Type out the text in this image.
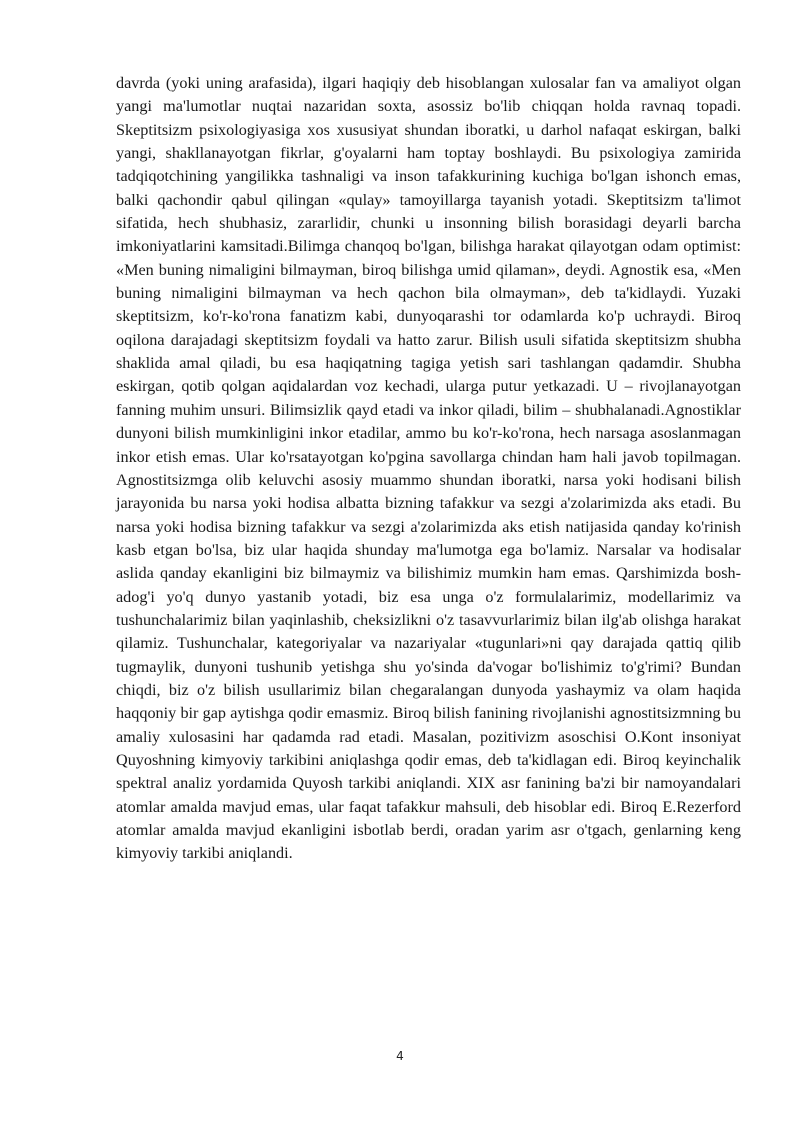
davrda (yoki uning arafasida), ilgari haqiqiy deb hisoblangan xulosalar fan va amaliyot olgan yangi ma'lumotlar nuqtai nazaridan soxta, asossiz bo'lib chiqqan holda ravnaq topadi. Skeptitsizm psixologiyasiga xos xususiyat shundan iboratki, u darhol nafaqat eskirgan, balki yangi, shakllanayotgan fikrlar, g'oyalarni ham toptay boshlaydi. Bu psixologiya zamirida tadqiqotchining yangilikka tashnaligi va inson tafakkurining kuchiga bo'lgan ishonch emas, balki qachondir qabul qilingan «qulay» tamoyillarga tayanish yotadi. Skeptitsizm ta'limot sifatida, hech shubhasiz, zararlidir, chunki u insonning bilish borasidagi deyarli barcha imkoniyatlarini kamsitadi.Bilimga chanqoq bo'lgan, bilishga harakat qilayotgan odam optimist: «Men buning nimaligini bilmayman, biroq bilishga umid qilaman», deydi. Agnostik esa, «Men buning nimaligini bilmayman va hech qachon bila olmayman», deb ta'kidlaydi. Yuzaki skeptitsizm, ko'r-ko'rona fanatizm kabi, dunyoqarashi tor odamlarda ko'p uchraydi. Biroq oqilona darajadagi skeptitsizm foydali va hatto zarur. Bilish usuli sifatida skeptitsizm shubha shaklida amal qiladi, bu esa haqiqatning tagiga yetish sari tashlangan qadamdir. Shubha eskirgan, qotib qolgan aqidalardan voz kechadi, ularga putur yetkazadi. U – rivojlanayotgan fanning muhim unsuri. Bilimsizlik qayd etadi va inkor qiladi, bilim – shubhalanadi.Agnostiklar dunyoni bilish mumkinligini inkor etadilar, ammo bu ko'r-ko'rona, hech narsaga asoslanmagan inkor etish emas. Ular ko'rsatayotgan ko'pgina savollarga chindan ham hali javob topilmagan. Agnostitsizmga olib keluvchi asosiy muammo shundan iboratki, narsa yoki hodisani bilish jarayonida bu narsa yoki hodisa albatta bizning tafakkur va sezgi a'zolarimizda aks etadi. Bu narsa yoki hodisa bizning tafakkur va sezgi a'zolarimizda aks etish natijasida qanday ko'rinish kasb etgan bo'lsa, biz ular haqida shunday ma'lumotga ega bo'lamiz. Narsalar va hodisalar aslida qanday ekanligini biz bilmaymiz va bilishimiz mumkin ham emas. Qarshimizda bosh-adog'i yo'q dunyo yastanib yotadi, biz esa unga o'z formulalarimiz, modellarimiz va tushunchalarimiz bilan yaqinlashib, cheksizlikni o'z tasavvurlarimiz bilan ilg'ab olishga harakat qilamiz. Tushunchalar, kategoriyalar va nazariyalar «tugunlari»ni qay darajada qattiq qilib tugmaylik, dunyoni tushunib yetishga shu yo'sinda da'vogar bo'lishimiz to'g'rimi? Bundan chiqdi, biz o'z bilish usullarimiz bilan chegaralangan dunyoda yashaymiz va olam haqida haqqoniy bir gap aytishga qodir emasmiz. Biroq bilish fanining rivojlanishi agnostitsizmning bu amaliy xulosasini har qadamda rad etadi. Masalan, pozitivizm asoschisi O.Kont insoniyat Quyoshning kimyoviy tarkibini aniqlashga qodir emas, deb ta'kidlagan edi. Biroq keyinchalik spektral analiz yordamida Quyosh tarkibi aniqlandi. XIX asr fanining ba'zi bir namoyandalari atomlar amalda mavjud emas, ular faqat tafakkur mahsuli, deb hisoblar edi. Biroq E.Rezerford atomlar amalda mavjud ekanligini isbotlab berdi, oradan yarim asr o'tgach, genlarning keng kimyoviy tarkibi aniqlandi.

4
